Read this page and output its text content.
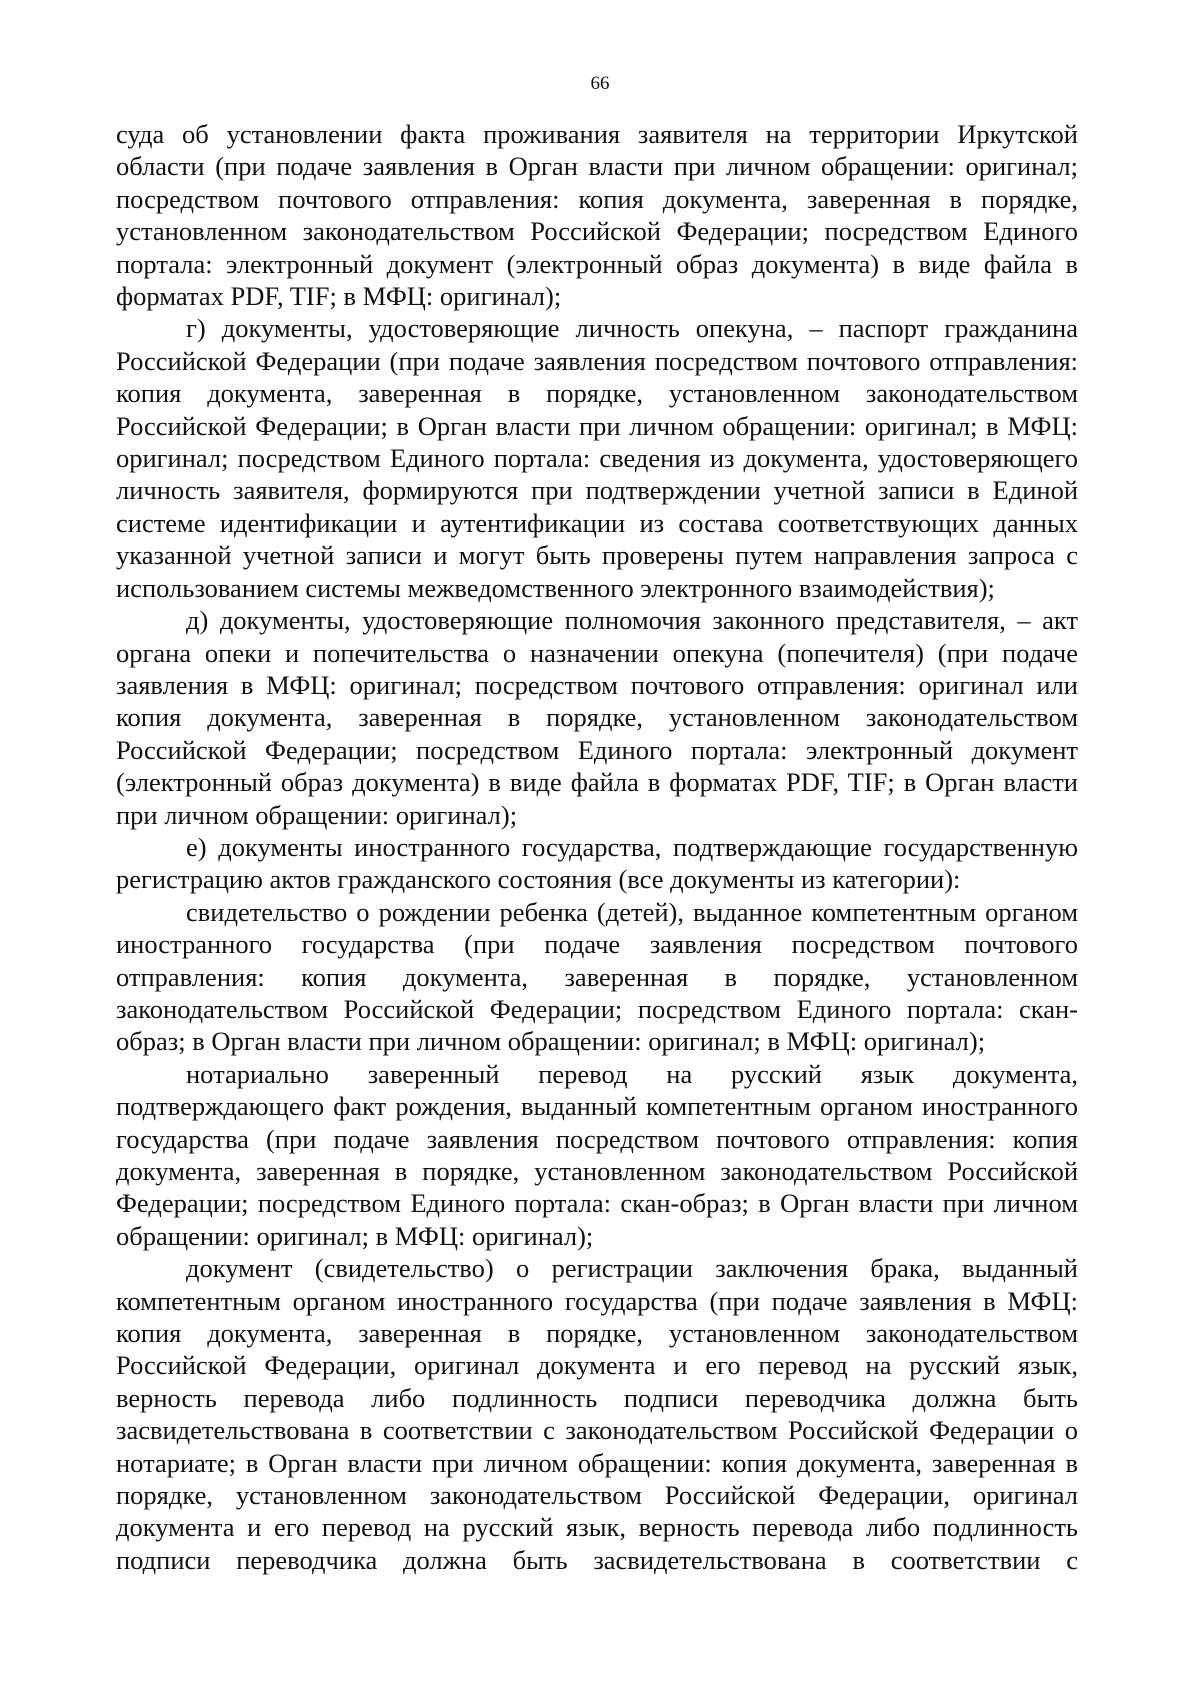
66

суда об установлении факта проживания заявителя на территории Иркутской области (при подаче заявления в Орган власти при личном обращении: оригинал; посредством почтового отправления: копия документа, заверенная в порядке, установленном законодательством Российской Федерации; посредством Единого портала: электронный документ (электронный образ документа) в виде файла в форматах PDF, TIF; в МФЦ: оригинал);

г) документы, удостоверяющие личность опекуна, – паспорт гражданина Российской Федерации (при подаче заявления посредством почтового отправления: копия документа, заверенная в порядке, установленном законодательством Российской Федерации; в Орган власти при личном обращении: оригинал; в МФЦ: оригинал; посредством Единого портала: сведения из документа, удостоверяющего личность заявителя, формируются при подтверждении учетной записи в Единой системе идентификации и аутентификации из состава соответствующих данных указанной учетной записи и могут быть проверены путем направления запроса с использованием системы межведомственного электронного взаимодействия);

д) документы, удостоверяющие полномочия законного представителя, – акт органа опеки и попечительства о назначении опекуна (попечителя) (при подаче заявления в МФЦ: оригинал; посредством почтового отправления: оригинал или копия документа, заверенная в порядке, установленном законодательством Российской Федерации; посредством Единого портала: электронный документ (электронный образ документа) в виде файла в форматах PDF, TIF; в Орган власти при личном обращении: оригинал);

е) документы иностранного государства, подтверждающие государственную регистрацию актов гражданского состояния (все документы из категории):

свидетельство о рождении ребенка (детей), выданное компетентным органом иностранного государства (при подаче заявления посредством почтового отправления: копия документа, заверенная в порядке, установленном законодательством Российской Федерации; посредством Единого портала: скан-образ; в Орган власти при личном обращении: оригинал; в МФЦ: оригинал);

нотариально заверенный перевод на русский язык документа, подтверждающего факт рождения, выданный компетентным органом иностранного государства (при подаче заявления посредством почтового отправления: копия документа, заверенная в порядке, установленном законодательством Российской Федерации; посредством Единого портала: скан-образ; в Орган власти при личном обращении: оригинал; в МФЦ: оригинал);

документ (свидетельство) о регистрации заключения брака, выданный компетентным органом иностранного государства (при подаче заявления в МФЦ: копия документа, заверенная в порядке, установленном законодательством Российской Федерации, оригинал документа и его перевод на русский язык, верность перевода либо подлинность подписи переводчика должна быть засвидетельствована в соответствии с законодательством Российской Федерации о нотариате; в Орган власти при личном обращении: копия документа, заверенная в порядке, установленном законодательством Российской Федерации, оригинал документа и его перевод на русский язык, верность перевода либо подлинность подписи переводчика должна быть засвидетельствована в соответствии с
